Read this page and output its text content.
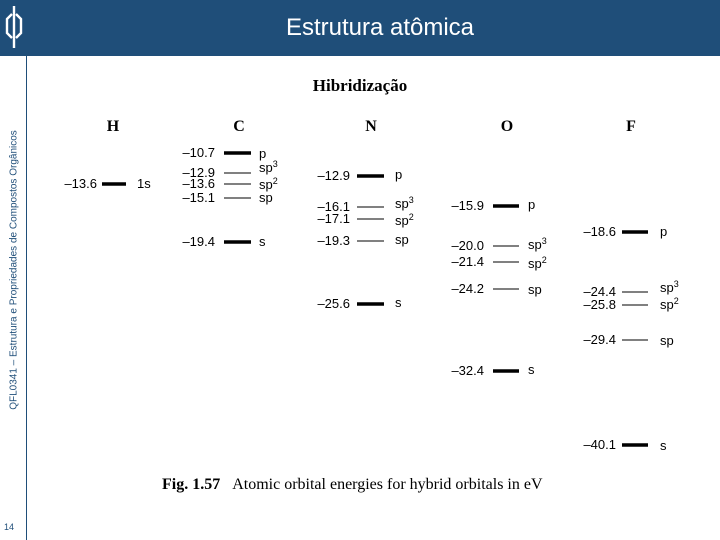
Estrutura atômica
QFL0341 – Estrutura e Propriedades de Compostos Orgânicos
14
Hibridização
H
–13.6	1s
C
–10.7	p
–12.9	$sp^3$
–13.6	$sp^2$
–15.1	sp
–19.4	s
N
–12.9	p
–16.1	$sp^3$
–17.1	$sp^2$
–19.3	sp
–25.6	s
O
–15.9	p
–20.0	$sp^3$
–21.4	$sp^2$
–24.2	sp
–32.4	s
F
–18.6	p
–24.4	$sp^3$
–25.8	$sp^2$
–29.4	sp
–40.1	s
Fig. 1.57 Atomic orbital energies for hybrid orbitals in eV
